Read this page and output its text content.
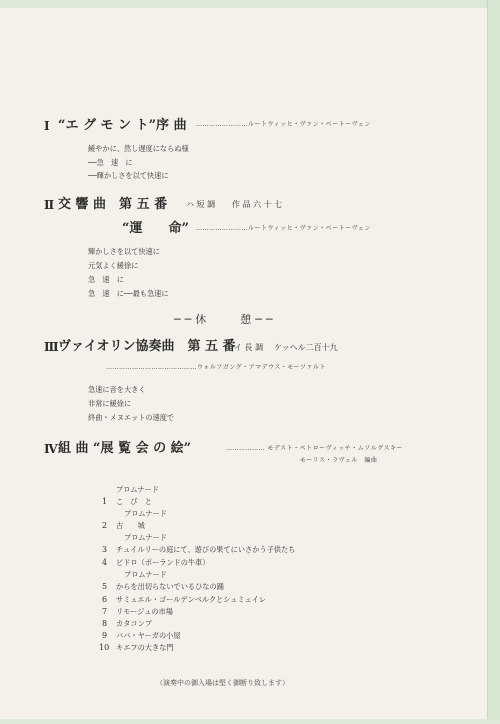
Ⅰ “エ グ モ ン ト”序 曲 ……………………ルートウィッヒ・ヴァン・ベートーヴェン
緩やかに、然し遅度にならぬ様
──急　速　に
──輝かしさを以て快速に
Ⅱ 交 響 曲　第 五 番 ハ 短 調 作 品 六 十 七
“運　　命” ……………………ルートウィッヒ・ヴァン・ベートーヴェン
輝かしさを以て快速に
元気よく緩徐に
急　速　に
急　速　に──最も急速に
──休　　憩──
Ⅲ ヴァイオリン協奏曲　第 五 番
イ 長 調 ケッヘル二百十九
……………………………………ウォルフガング・アマデウス・モーツァルト
急速に音を大きく
非常に緩徐に
終曲・メヌエットの速度で
Ⅳ 組 曲 “展 覧 会 の 絵”	……………… モデスト・ペトローヴィッチ・ムソルグスキー
モーリス・ラヴェル　編曲
プロムナード
1 こ　び　と
プロムナード
2 古　　城
プロムナード
3 チュイルリーの庭にて、遊びの果てにいさかう子供たち
4 ビドロ（ポーランドの牛車）
プロムナード
5 からを出切らないでいるひなの踊
6 サミュエル・ゴールデンベルクとシュミュイレ
7 リモージュの市場
8 カタコンブ
9 ババ・ヤーガの小屋
10 キエフの大きな門
（演奏中の御入場は堅く御断り致します）
